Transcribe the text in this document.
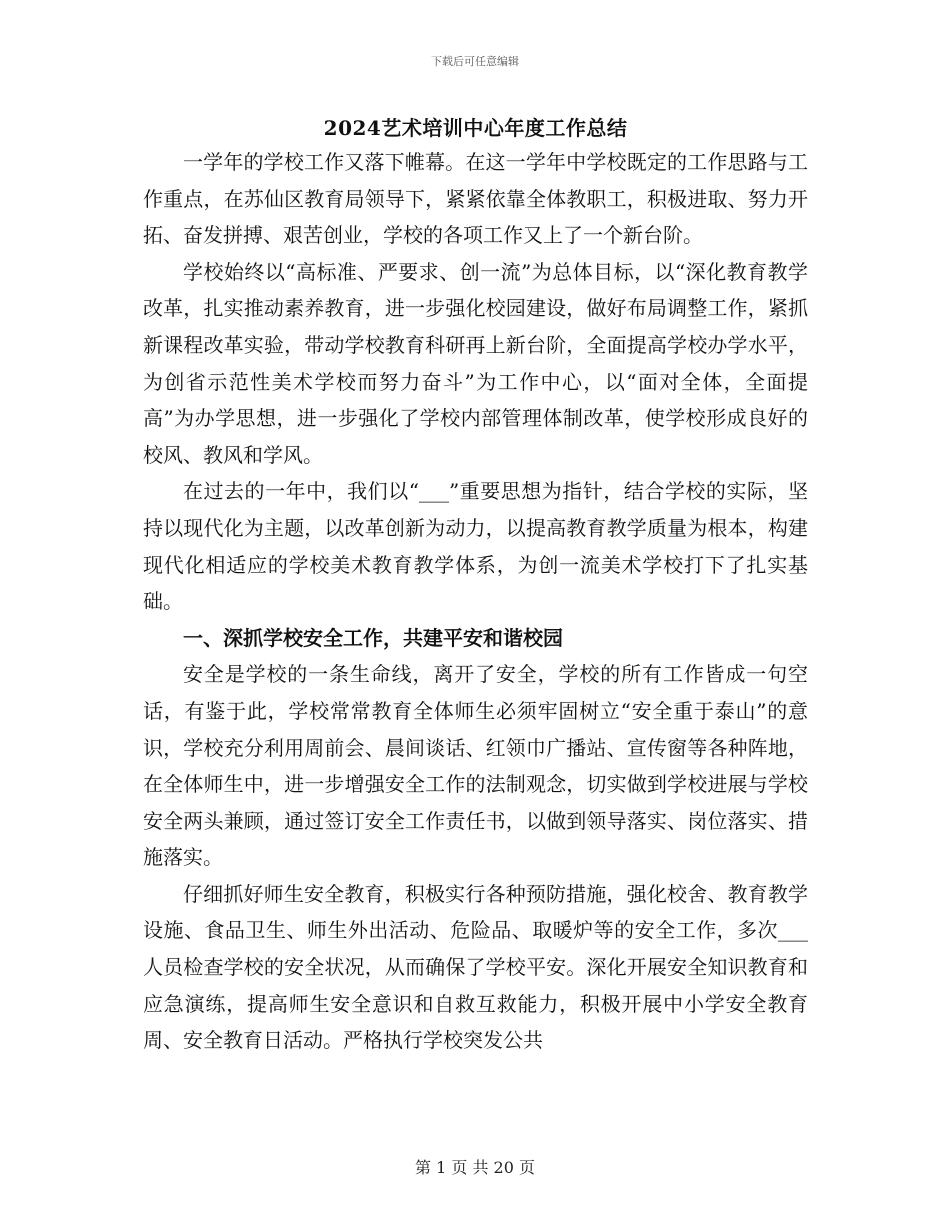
下载后可任意编辑
2024艺术培训中心年度工作总结

一学年的学校工作又落下帷幕。在这一学年中学校既定的工作思路与工作重点，在苏仙区教育局领导下，紧紧依靠全体教职工，积极进取、努力开拓、奋发拼搏、艰苦创业，学校的各项工作又上了一个新台阶。

学校始终以“高标准、严要求、创一流”为总体目标，以“深化教育教学改革，扎实推动素养教育，进一步强化校园建设，做好布局调整工作，紧抓新课程改革实验，带动学校教育科研再上新台阶，全面提高学校办学水平，为创省示范性美术学校而努力奋斗”为工作中心，以“面对全体，全面提高”为办学思想，进一步强化了学校内部管理体制改革，使学校形成良好的校风、教风和学风。

在过去的一年中，我们以“___”重要思想为指针，结合学校的实际，坚持以现代化为主题，以改革创新为动力，以提高教育教学质量为根本，构建现代化相适应的学校美术教育教学体系，为创一流美术学校打下了扎实基础。

一、深抓学校安全工作，共建平安和谐校园

安全是学校的一条生命线，离开了安全，学校的所有工作皆成一句空话，有鉴于此，学校常常教育全体师生必须牢固树立“安全重于泰山”的意识，学校充分利用周前会、晨间谈话、红领巾广播站、宣传窗等各种阵地，在全体师生中，进一步增强安全工作的法制观念，切实做到学校进展与学校安全两头兼顾，通过签订安全工作责任书，以做到领导落实、岗位落实、措施落实。

仔细抓好师生安全教育，积极实行各种预防措施，强化校舍、教育教学设施、食品卫生、师生外出活动、危险品、取暖炉等的安全工作，多次___人员检查学校的安全状况，从而确保了学校平安。深化开展安全知识教育和应急演练，提高师生安全意识和自救互救能力，积极开展中小学安全教育周、安全教育日活动。严格执行学校突发公共

第 1 页 共 20 页
